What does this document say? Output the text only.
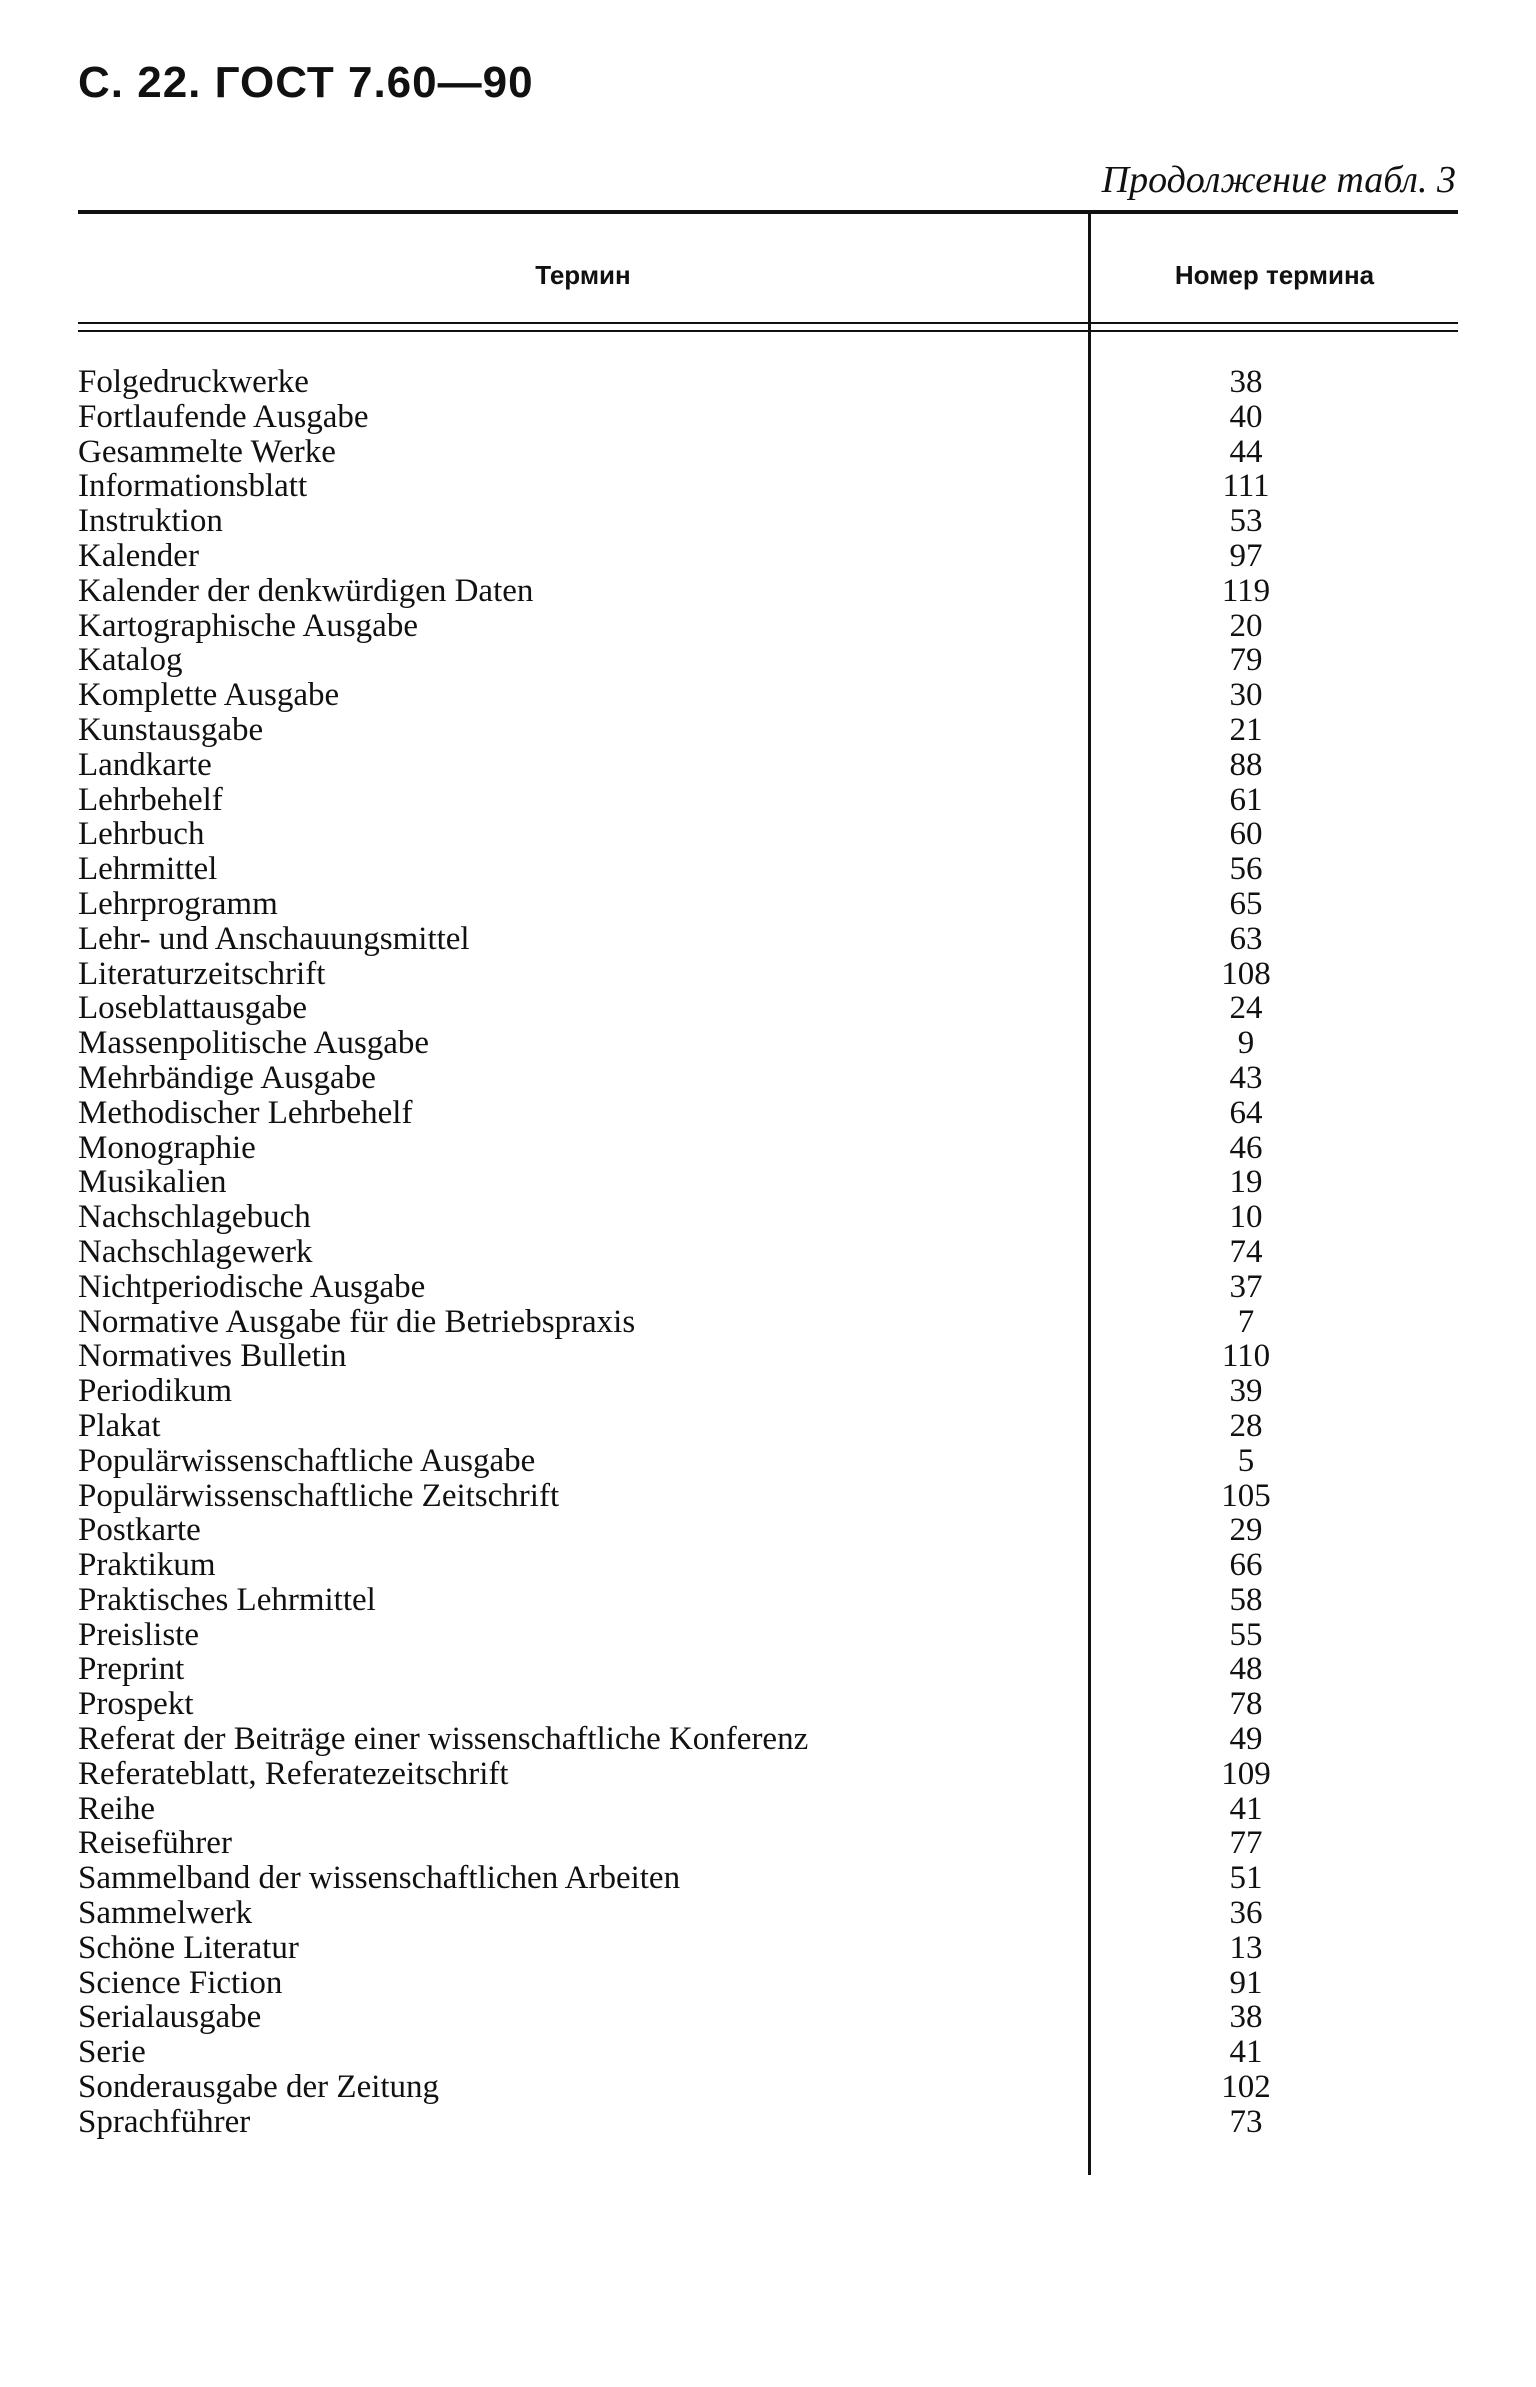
С. 22. ГОСТ 7.60—90
Продолжение табл. 3
Термин	Номер термина
Folgedruckwerke	38
Fortlaufende Ausgabe	40
Gesammelte Werke	44
Informationsblatt	111
Instruktion	53
Kalender	97
Kalender der denkwürdigen Daten	119
Kartographische Ausgabe	20
Katalog	79
Komplette Ausgabe	30
Kunstausgabe	21
Landkarte	88
Lehrbehelf	61
Lehrbuch	60
Lehrmittel	56
Lehrprogramm	65
Lehr- und Anschauungsmittel	63
Literaturzeitschrift	108
Loseblattausgabe	24
Massenpolitische Ausgabe	9
Mehrbändige Ausgabe	43
Methodischer Lehrbehelf	64
Monographie	46
Musikalien	19
Nachschlagebuch	10
Nachschlagewerk	74
Nichtperiodische Ausgabe	37
Normative Ausgabe für die Betriebspraxis	7
Normatives Bulletin	110
Periodikum	39
Plakat	28
Populärwissenschaftliche Ausgabe	5
Populärwissenschaftliche Zeitschrift	105
Postkarte	29
Praktikum	66
Praktisches Lehrmittel	58
Preisliste	55
Preprint	48
Prospekt	78
Referat der Beiträge einer wissenschaftliche Konferenz	49
Referateblatt, Referatezeitschrift	109
Reihe	41
Reiseführer	77
Sammelband der wissenschaftlichen Arbeiten	51
Sammelwerk	36
Schöne Literatur	13
Science Fiction	91
Serialausgabe	38
Serie	41
Sonderausgabe der Zeitung	102
Sprachführer	73
